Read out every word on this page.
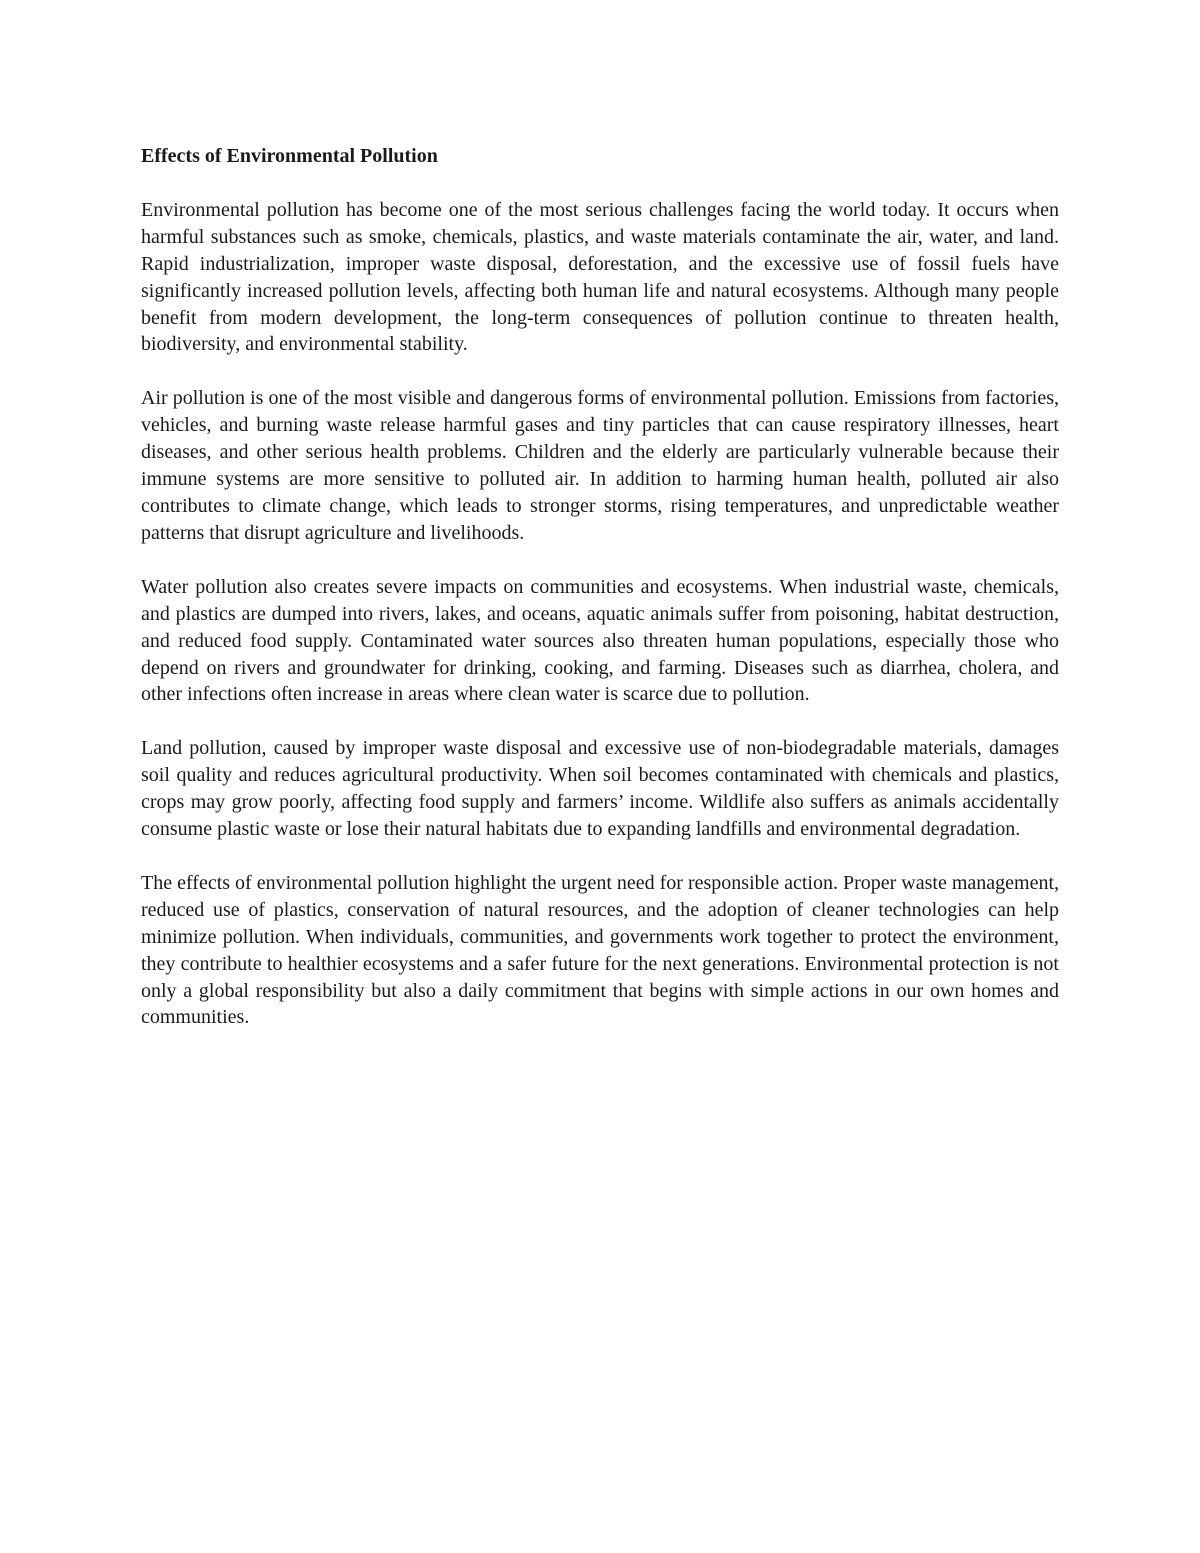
Effects of Environmental Pollution

Environmental pollution has become one of the most serious challenges facing the world today. It occurs when harmful substances such as smoke, chemicals, plastics, and waste materials contaminate the air, water, and land. Rapid industrialization, improper waste disposal, deforestation, and the excessive use of fossil fuels have significantly increased pollution levels, affecting both human life and natural ecosystems. Although many people benefit from modern development, the long-term consequences of pollution continue to threaten health, biodiversity, and environmental stability.

Air pollution is one of the most visible and dangerous forms of environmental pollution. Emissions from factories, vehicles, and burning waste release harmful gases and tiny particles that can cause respiratory illnesses, heart diseases, and other serious health problems. Children and the elderly are particularly vulnerable because their immune systems are more sensitive to polluted air. In addition to harming human health, polluted air also contributes to climate change, which leads to stronger storms, rising temperatures, and unpredictable weather patterns that disrupt agriculture and livelihoods.

Water pollution also creates severe impacts on communities and ecosystems. When industrial waste, chemicals, and plastics are dumped into rivers, lakes, and oceans, aquatic animals suffer from poisoning, habitat destruction, and reduced food supply. Contaminated water sources also threaten human populations, especially those who depend on rivers and groundwater for drinking, cooking, and farming. Diseases such as diarrhea, cholera, and other infections often increase in areas where clean water is scarce due to pollution.

Land pollution, caused by improper waste disposal and excessive use of non-biodegradable materials, damages soil quality and reduces agricultural productivity. When soil becomes contaminated with chemicals and plastics, crops may grow poorly, affecting food supply and farmers’ income. Wildlife also suffers as animals accidentally consume plastic waste or lose their natural habitats due to expanding landfills and environmental degradation.

The effects of environmental pollution highlight the urgent need for responsible action. Proper waste management, reduced use of plastics, conservation of natural resources, and the adoption of cleaner technologies can help minimize pollution. When individuals, communities, and governments work together to protect the environment, they contribute to healthier ecosystems and a safer future for the next generations. Environmental protection is not only a global responsibility but also a daily commitment that begins with simple actions in our own homes and communities.
